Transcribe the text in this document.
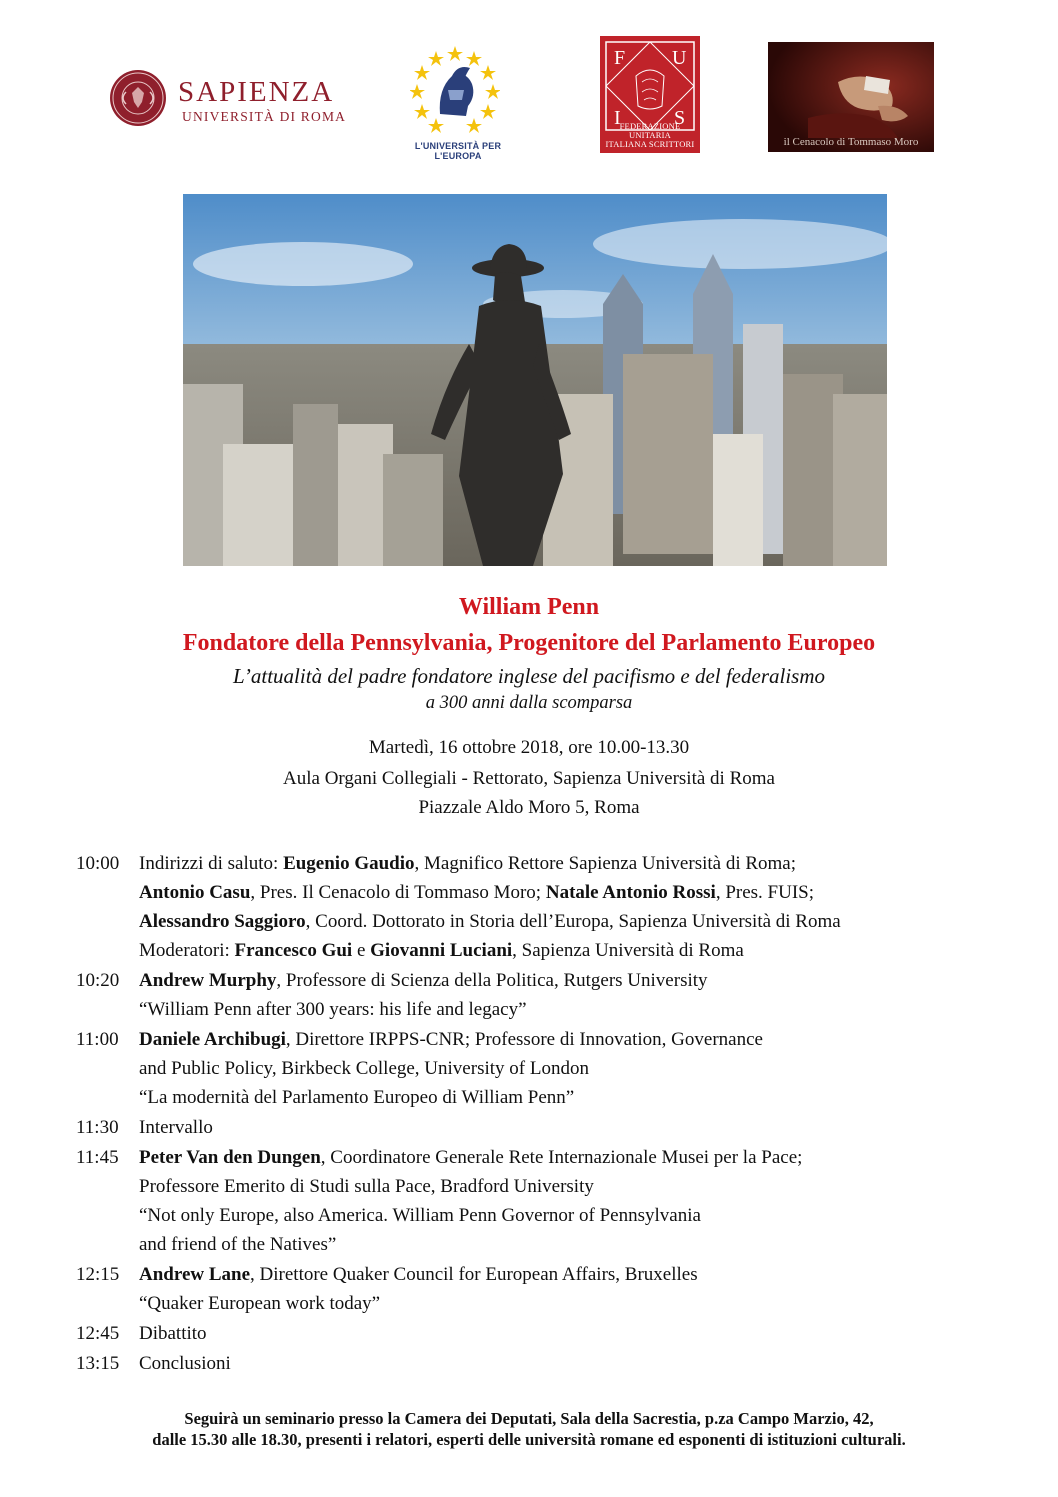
SAPIENZA
UNIVERSITÀ DI ROMA
L'UNIVERSITÀ PER L'EUROPA
F U
I	S
FEDERAZIONE UNITARIA
ITALIANA SCRITTORI	il Cenacolo di Tommaso Moro
William Penn
Fondatore della Pennsylvania, Progenitore del Parlamento Europeo
L’attualità del padre fondatore inglese del pacifismo e del federalismo
a 300 anni dalla scomparsa
Martedì, 16 ottobre 2018, ore 10.00-13.30
Aula Organi Collegiali - Rettorato, Sapienza Università di Roma
Piazzale Aldo Moro 5, Roma
10:00	Indirizzi di saluto: Eugenio Gaudio, Magnifico Rettore Sapienza Università di Roma;
Antonio Casu, Pres. Il Cenacolo di Tommaso Moro; Natale Antonio Rossi, Pres. FUIS;
Alessandro Saggioro, Coord. Dottorato in Storia dell’Europa, Sapienza Università di Roma
Moderatori: Francesco Gui e Giovanni Luciani, Sapienza Università di Roma
10:20	Andrew Murphy, Professore di Scienza della Politica, Rutgers University
“William Penn after 300 years: his life and legacy”
11:00	Daniele Archibugi, Direttore IRPPS-CNR; Professore di Innovation, Governance
and Public Policy, Birkbeck College, University of London
“La modernità del Parlamento Europeo di William Penn”
11:30	Intervallo
11:45	Peter Van den Dungen, Coordinatore Generale Rete Internazionale Musei per la Pace;
Professore Emerito di Studi sulla Pace, Bradford University
“Not only Europe, also America. William Penn Governor of Pennsylvania
and friend of the Natives”
12:15	Andrew Lane, Direttore Quaker Council for European Affairs, Bruxelles
“Quaker European work today”
12:45	Dibattito
13:15	Conclusioni
Seguirà un seminario presso la Camera dei Deputati, Sala della Sacrestia, p.za Campo Marzio, 42,
dalle 15.30 alle 18.30, presenti i relatori, esperti delle università romane ed esponenti di istituzioni culturali.
